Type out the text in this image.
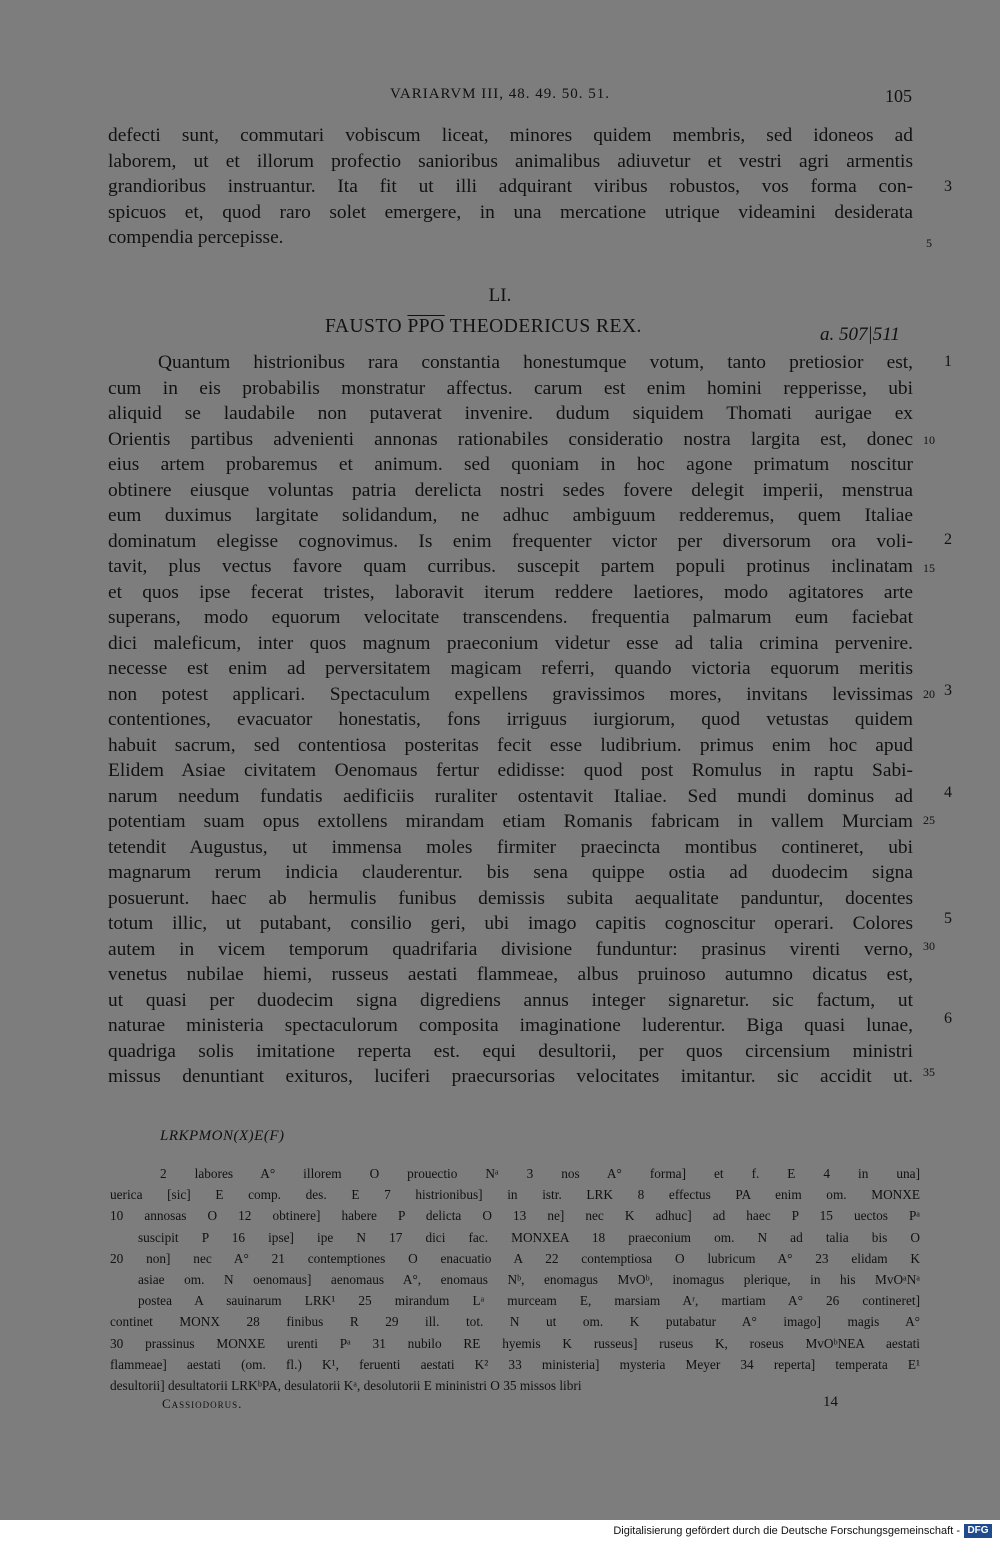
VARIARVM III, 48. 49. 50. 51.	105
defecti sunt, commutari vobiscum liceat, minores quidem membris, sed idoneos ad
laborem, ut et illorum profectio sanioribus animalibus adiuvetur et vestri agri armentis
grandioribus instruantur. Ita fit ut illi adquirant viribus robustos, vos forma con-
spicuos et, quod raro solet emergere, in una mercatione utrique videamini desiderata
compendia percepisse.
3
5
LI.
FAUSTO $\overline{PPO}$ THEODERICUS REX.	a. 507|511
Quantum histrionibus rara constantia honestumque votum, tanto pretiosior est,
cum in eis probabilis monstratur affectus. carum est enim homini repperisse, ubi
aliquid se laudabile non putaverat invenire. dudum siquidem Thomati aurigae ex
Orientis partibus advenienti annonas rationabiles consideratio nostra largita est, donec
eius artem probaremus et animum. sed quoniam in hoc agone primatum noscitur
obtinere eiusque voluntas patria derelicta nostri sedes fovere delegit imperii, menstrua
eum duximus largitate solidandum, ne adhuc ambiguum redderemus, quem Italiae
dominatum elegisse cognovimus. Is enim frequenter victor per diversorum ora voli-
tavit, plus vectus favore quam curribus. suscepit partem populi protinus inclinatam
et quos ipse fecerat tristes, laboravit iterum reddere laetiores, modo agitatores arte
superans, modo equorum velocitate transcendens. frequentia palmarum eum faciebat
dici maleficum, inter quos magnum praeconium videtur esse ad talia crimina pervenire.
necesse est enim ad perversitatem magicam referri, quando victoria equorum meritis
non potest applicari. Spectaculum expellens gravissimos mores, invitans levissimas
contentiones, evacuator honestatis, fons irriguus iurgiorum, quod vetustas quidem
habuit sacrum, sed contentiosa posteritas fecit esse ludibrium. primus enim hoc apud
Elidem Asiae civitatem Oenomaus fertur edidisse: quod post Romulus in raptu Sabi-
narum needum fundatis aedificiis ruraliter ostentavit Italiae. Sed mundi dominus ad
potentiam suam opus extollens mirandam etiam Romanis fabricam in vallem Murciam
tetendit Augustus, ut immensa moles firmiter praecincta montibus contineret, ubi
magnarum rerum indicia clauderentur. bis sena quippe ostia ad duodecim signa
posuerunt. haec ab hermulis funibus demissis subita aequalitate panduntur, docentes
totum illic, ut putabant, consilio geri, ubi imago capitis cognoscitur operari. Colores
autem in vicem temporum quadrifaria divisione funduntur: prasinus virenti verno,
venetus nubilae hiemi, russeus aestati flammeae, albus pruinoso autumno dicatus est,
ut quasi per duodecim signa digrediens annus integer signaretur. sic factum, ut
naturae ministeria spectaculorum composita imaginatione luderentur. Biga quasi lunae,
quadriga solis imitatione reperta est. equi desultorii, per quos circensium ministri
missus denuntiant exituros, luciferi praecursorias velocitates imitantur. sic accidit ut.
1
10
2
15
20 3
4
25
5
30
6
35
LRKPMON(X)E(F)
2 labores A° illorem O prouectio Nᵃ 3 nos A° forma] et f. E 4 in una]
uerica [sic] E comp. des. E 7 histrionibus] in istr. LRK 8 effectus PA enim om. MONXE
10 annosas O 12 obtinere] habere P delicta O 13 ne] nec K adhuc] ad haec P 15 uectos Pᵃ
suscipit P 16 ipse] ipe N 17 dici fac. MONXEA 18 praeconium om. N ad talia bis O
20 non] nec A° 21 contemptiones O enacuatio A 22 contemptiosa O lubricum A° 23 elidam K
asiae om. N oenomaus] aenomaus A°, enomaus Nᵇ, enomagus MvOᵇ, inomagus plerique, in his MvOᵃNᵃ
postea A sauinarum LRK¹ 25 mirandum Lᵃ murceam E, marsiam Aʳ, martiam A° 26 contineret]
continet MONX 28 finibus R 29 ill. tot. N ut om. K putabatur A° imago] magis A°
30 prassinus MONXE urenti Pᵃ 31 nubilo RE hyemis K russeus] ruseus K, roseus MvOᵇNEA aestati
flammeae] aestati (om. fl.) K¹, feruenti aestati K² 33 ministeria] mysteria Meyer 34 reperta] temperata E¹
desultorii] desultatorii LRKᵇPA, desulatorii Kᵃ, desolutorii E mininistri O 35 missos libri
Cassiodorus.	14
Digitalisierung gefördert durch die Deutsche Forschungsgemeinschaft - DFG
